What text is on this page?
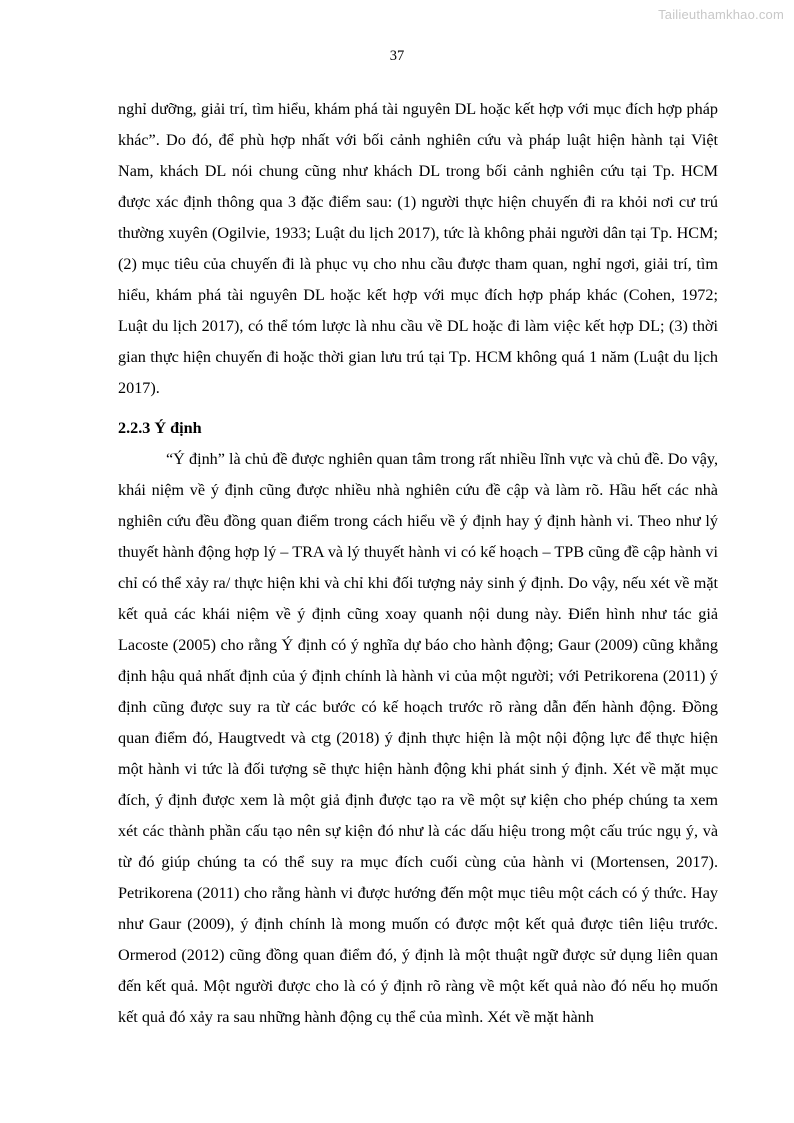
Tailieuthamkhao.com
37

nghỉ dưỡng, giải trí, tìm hiểu, khám phá tài nguyên DL hoặc kết hợp với mục đích hợp pháp khác”. Do đó, để phù hợp nhất với bối cảnh nghiên cứu và pháp luật hiện hành tại Việt Nam, khách DL nói chung cũng như khách DL trong bối cảnh nghiên cứu tại Tp. HCM được xác định thông qua 3 đặc điểm sau: (1) người thực hiện chuyến đi ra khỏi nơi cư trú thường xuyên (Ogilvie, 1933; Luật du lịch 2017), tức là không phải người dân tại Tp. HCM; (2) mục tiêu của chuyến đi là phục vụ cho nhu cầu được tham quan, nghỉ ngơi, giải trí, tìm hiểu, khám phá tài nguyên DL hoặc kết hợp với mục đích hợp pháp khác (Cohen, 1972; Luật du lịch 2017), có thể tóm lược là nhu cầu về DL hoặc đi làm việc kết hợp DL; (3) thời gian thực hiện chuyến đi hoặc thời gian lưu trú tại Tp. HCM không quá 1 năm (Luật du lịch 2017).

2.2.3 Ý định

“Ý định” là chủ đề được nghiên quan tâm trong rất nhiều lĩnh vực và chủ đề. Do vậy, khái niệm về ý định cũng được nhiều nhà nghiên cứu đề cập và làm rõ. Hầu hết các nhà nghiên cứu đều đồng quan điểm trong cách hiểu về ý định hay ý định hành vi. Theo như lý thuyết hành động hợp lý – TRA và lý thuyết hành vi có kế hoạch – TPB cũng đề cập hành vi chỉ có thể xảy ra/ thực hiện khi và chỉ khi đối tượng nảy sinh ý định. Do vậy, nếu xét về mặt kết quả các khái niệm về ý định cũng xoay quanh nội dung này. Điển hình như tác giả Lacoste (2005) cho rằng Ý định có ý nghĩa dự báo cho hành động; Gaur (2009) cũng khẳng định hậu quả nhất định của ý định chính là hành vi của một người; với Petrikorena (2011) ý định cũng được suy ra từ các bước có kế hoạch trước rõ ràng dẫn đến hành động. Đồng quan điểm đó, Haugtvedt và ctg (2018) ý định thực hiện là một nội động lực để thực hiện một hành vi tức là đối tượng sẽ thực hiện hành động khi phát sinh ý định. Xét về mặt mục đích, ý định được xem là một giả định được tạo ra về một sự kiện cho phép chúng ta xem xét các thành phần cấu tạo nên sự kiện đó như là các dấu hiệu trong một cấu trúc ngụ ý, và từ đó giúp chúng ta có thể suy ra mục đích cuối cùng của hành vi (Mortensen, 2017). Petrikorena (2011) cho rằng hành vi được hướng đến một mục tiêu một cách có ý thức. Hay như Gaur (2009), ý định chính là mong muốn có được một kết quả được tiên liệu trước. Ormerod (2012) cũng đồng quan điểm đó, ý định là một thuật ngữ được sử dụng liên quan đến kết quả. Một người được cho là có ý định rõ ràng về một kết quả nào đó nếu họ muốn kết quả đó xảy ra sau những hành động cụ thể của mình. Xét về mặt hành
